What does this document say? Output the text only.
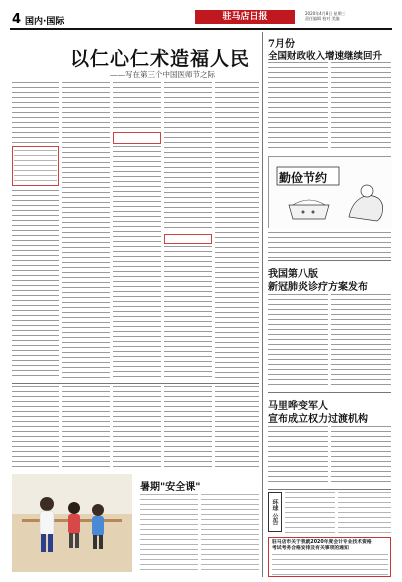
4 国内·国际	驻马店日报	2020年4月8日 星期三
责任编辑 校对 美编
以仁心仁术造福人民
——写在第三个中国医师节之际
7月份
全国财政收入增速继续回升
勤俭节约
我国第八版
新冠肺炎诊疗方案发布
马里哗变军人
宣布成立权力过渡机构
环球 公告
驻马店市关于我就2020年度会计专业技术资格
考试考务合格安排及有关事项的通知
暑期"安全课"
